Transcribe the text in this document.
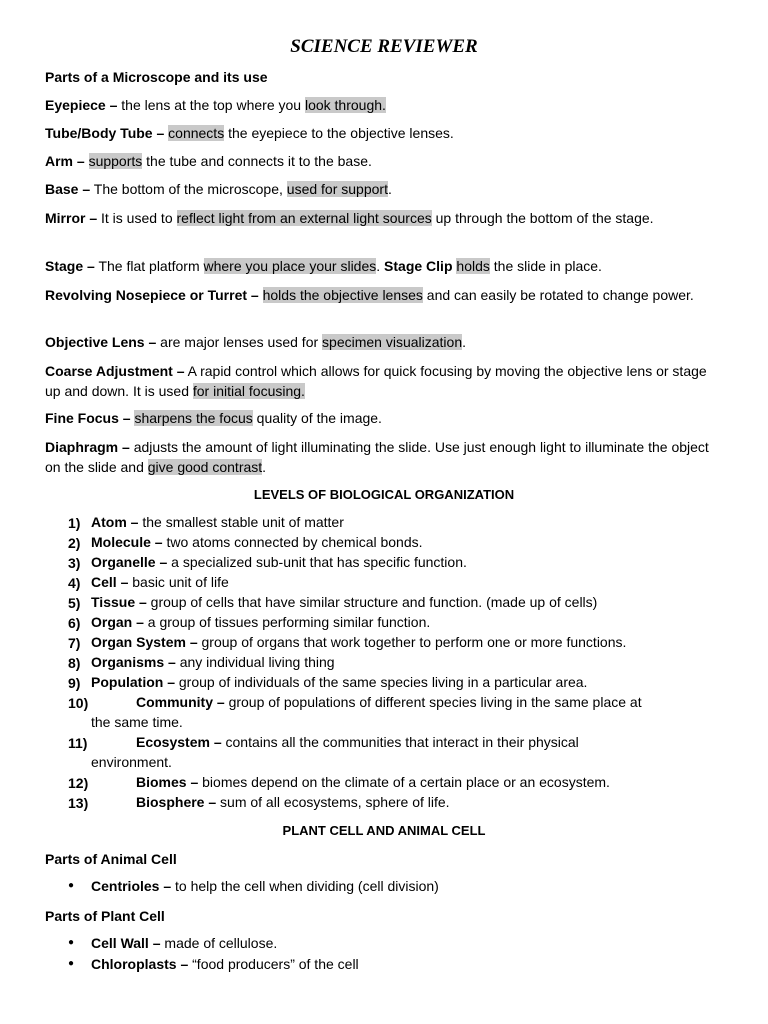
SCIENCE REVIEWER
Parts of a Microscope and its use
Eyepiece – the lens at the top where you look through.
Tube/Body Tube – connects the eyepiece to the objective lenses.
Arm – supports the tube and connects it to the base.
Base – The bottom of the microscope, used for support.
Mirror – It is used to reflect light from an external light sources up through the bottom of the stage.
Stage – The flat platform where you place your slides. Stage Clip holds the slide in place.
Revolving Nosepiece or Turret – holds the objective lenses and can easily be rotated to change power.
Objective Lens – are major lenses used for specimen visualization.
Coarse Adjustment – A rapid control which allows for quick focusing by moving the objective lens or stage up and down. It is used for initial focusing.
Fine Focus – sharpens the focus quality of the image.
Diaphragm – adjusts the amount of light illuminating the slide. Use just enough light to illuminate the object on the slide and give good contrast.
LEVELS OF BIOLOGICAL ORGANIZATION
1) Atom – the smallest stable unit of matter
2) Molecule – two atoms connected by chemical bonds.
3) Organelle – a specialized sub-unit that has specific function.
4) Cell – basic unit of life
5) Tissue – group of cells that have similar structure and function. (made up of cells)
6) Organ – a group of tissues performing similar function.
7) Organ System – group of organs that work together to perform one or more functions.
8) Organisms – any individual living thing
9) Population – group of individuals of the same species living in a particular area.
10)	Community – group of populations of different species living in the same place at
the same time.
11)	Ecosystem – contains all the communities that interact in their physical
environment.
12)	Biomes – biomes depend on the climate of a certain place or an ecosystem.
13)	Biosphere – sum of all ecosystems, sphere of life.
PLANT CELL AND ANIMAL CELL
Parts of Animal Cell
● Centrioles – to help the cell when dividing (cell division)
Parts of Plant Cell
● Cell Wall – made of cellulose.
● Chloroplasts – “food producers” of the cell
